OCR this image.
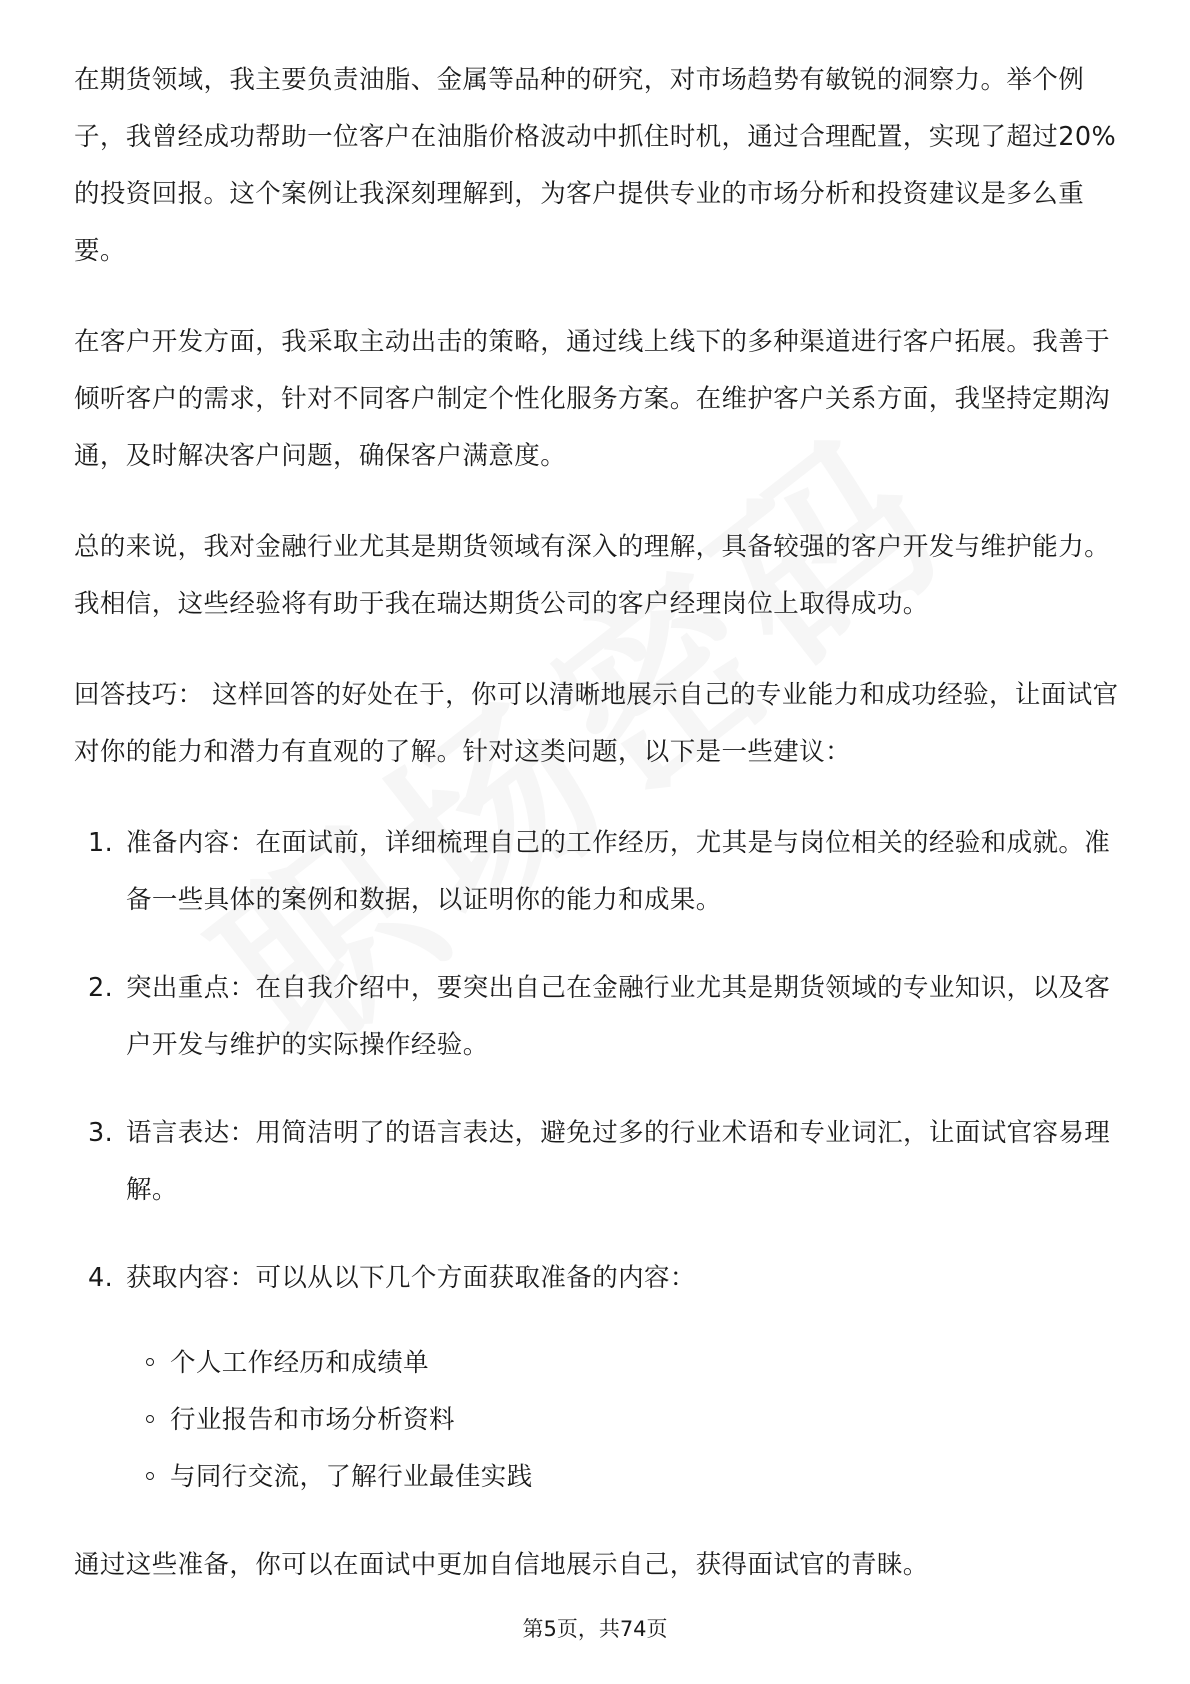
在期货领域，我主要负责油脂、金属等品种的研究，对市场趋势有敏锐的洞察力。举个例子，我曾经成功帮助一位客户在油脂价格波动中抓住时机，通过合理配置，实现了超过20%的投资回报。这个案例让我深刻理解到，为客户提供专业的市场分析和投资建议是多么重要。

在客户开发方面，我采取主动出击的策略，通过线上线下的多种渠道进行客户拓展。我善于倾听客户的需求，针对不同客户制定个性化服务方案。在维护客户关系方面，我坚持定期沟通，及时解决客户问题，确保客户满意度。

总的来说，我对金融行业尤其是期货领域有深入的理解，具备较强的客户开发与维护能力。我相信，这些经验将有助于我在瑞达期货公司的客户经理岗位上取得成功。

回答技巧： 这样回答的好处在于，你可以清晰地展示自己的专业能力和成功经验，让面试官对你的能力和潜力有直观的了解。针对这类问题，以下是一些建议：

1. 准备内容：在面试前，详细梳理自己的工作经历，尤其是与岗位相关的经验和成就。准备一些具体的案例和数据，以证明你的能力和成果。
2. 突出重点：在自我介绍中，要突出自己在金融行业尤其是期货领域的专业知识，以及客户开发与维护的实际操作经验。
3. 语言表达：用简洁明了的语言表达，避免过多的行业术语和专业词汇，让面试官容易理解。
4. 获取内容：可以从以下几个方面获取准备的内容：
个人工作经历和成绩单
行业报告和市场分析资料
与同行交流，了解行业最佳实践

通过这些准备，你可以在面试中更加自信地展示自己，获得面试官的青睐。

第5页，共74页
